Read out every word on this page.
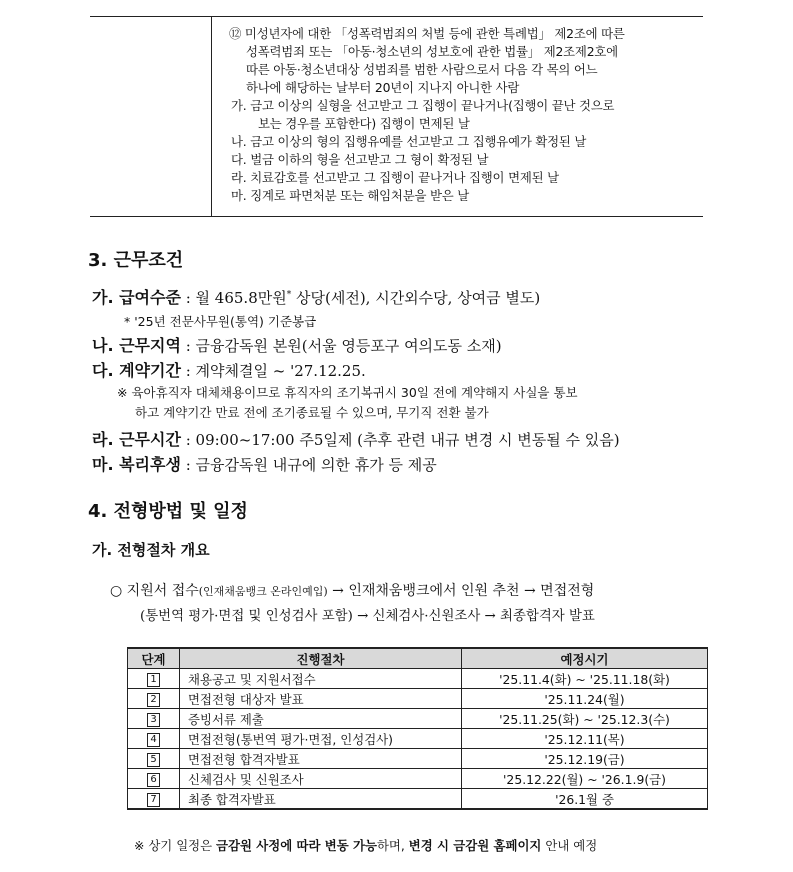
⑫ 미성년자에 대한 「성폭력범죄의 처벌 등에 관한 특례법」 제2조에 따른
성폭력범죄 또는 「아동·청소년의 성보호에 관한 법률」 제2조제2호에
따른 아동·청소년대상 성범죄를 범한 사람으로서 다음 각 목의 어느
하나에 해당하는 날부터 20년이 지나지 아니한 사람
가. 금고 이상의 실형을 선고받고 그 집행이 끝나거나(집행이 끝난 것으로
보는 경우를 포함한다) 집행이 면제된 날
나. 금고 이상의 형의 집행유예를 선고받고 그 집행유예가 확정된 날
다. 벌금 이하의 형을 선고받고 그 형이 확정된 날
라. 치료감호를 선고받고 그 집행이 끝나거나 집행이 면제된 날
마. 징계로 파면처분 또는 해임처분을 받은 날
3. 근무조건
가. 급여수준 : 월 465.8만원* 상당(세전), 시간외수당, 상여금 별도)
* '25년 전문사무원(통역) 기준봉급
나. 근무지역 : 금융감독원 본원(서울 영등포구 여의도동 소재)
다. 계약기간 : 계약체결일 ~ '27.12.25.
※ 육아휴직자 대체채용이므로 휴직자의 조기복귀시 30일 전에 계약해지 사실을 통보
하고 계약기간 만료 전에 조기종료될 수 있으며, 무기직 전환 불가
라. 근무시간 : 09:00~17:00 주5일제 (추후 관련 내규 변경 시 변동될 수 있음)
마. 복리후생 : 금융감독원 내규에 의한 휴가 등 제공
4. 전형방법 및 일정
가. 전형절차 개요
○ 지원서 접수(인재채움뱅크 온라인예입) → 인재채움뱅크에서 인원 추천 → 면접전형
(통번역 평가·면접 및 인성검사 포함) → 신체검사·신원조사 → 최종합격자 발표
단계	진행절차	예정시기
1	채용공고 및 지원서접수	'25.11.4(화) ~ '25.11.18(화)
2	면접전형 대상자 발표	'25.11.24(월)
3	증빙서류 제출	'25.11.25(화) ~ '25.12.3(수)
4	면접전형(통번역 평가·면접, 인성검사)	'25.12.11(목)
5	면접전형 합격자발표	'25.12.19(금)
6	신체검사 및 신원조사	'25.12.22(월) ~ '26.1.9(금)
7	최종 합격자발표	'26.1월 중
※ 상기 일정은 금감원 사정에 따라 변동 가능하며, 변경 시 금감원 홈페이지 안내 예정
